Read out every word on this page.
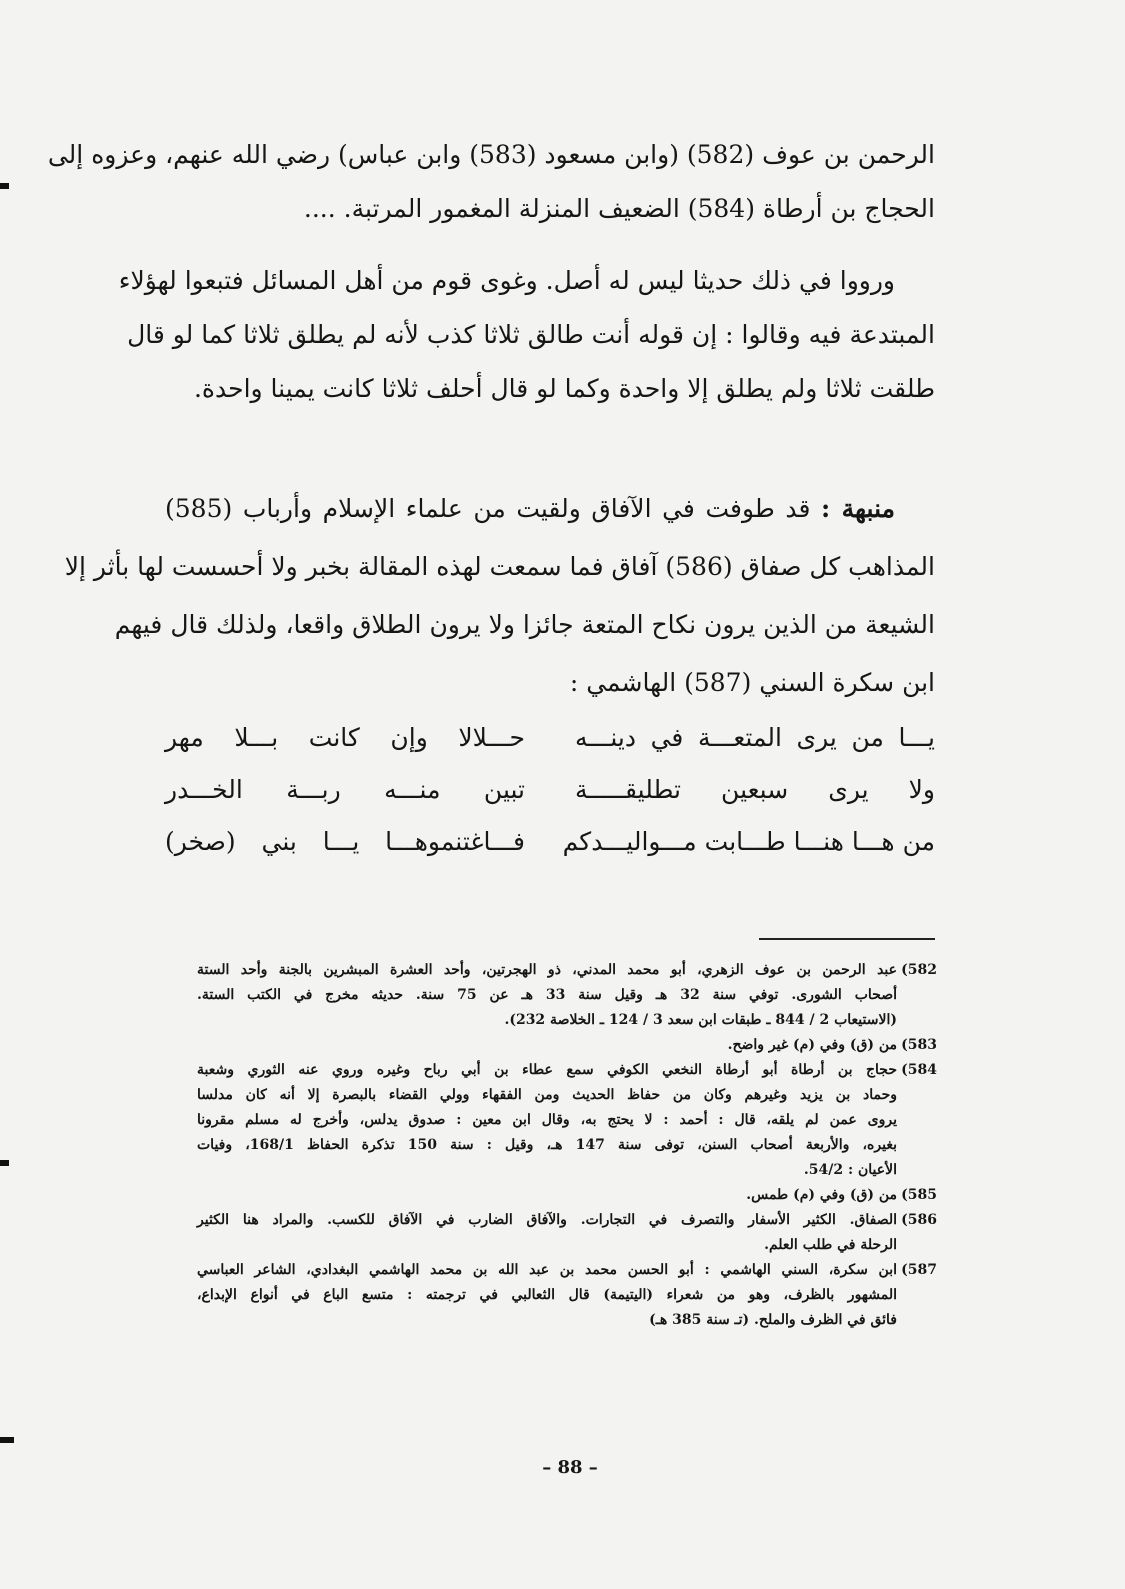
الرحمن بن عوف (582) (وابن مسعود (583) وابن عباس) رضي الله عنهم، وعزوه إلى
الحجاج بن أرطاة (584) الضعيف المنزلة المغمور المرتبة. ....
ورووا في ذلك حديثا ليس له أصل. وغوى قوم من أهل المسائل فتبعوا لهؤلاء
المبتدعة فيه وقالوا : إن قوله أنت طالق ثلاثا كذب لأنه لم يطلق ثلاثا كما لو قال
طلقت ثلاثا ولم يطلق إلا واحدة وكما لو قال أحلف ثلاثا كانت يمينا واحدة.
منبهة : قد طوفت في الآفاق ولقيت من علماء الإسلام وأرباب (585)
المذاهب كل صفاق (586) آفاق فما سمعت لهذه المقالة بخبر ولا أحسست لها بأثر إلا
الشيعة من الذين يرون نكاح المتعة جائزا ولا يرون الطلاق واقعا، ولذلك قال فيهم
ابن سكرة السني (587) الهاشمي :
يـــا من يرى المتعـــة في دينـــه
حـــلالا وإن كانت بـــلا مهر
ولا يرى سبعين تطليقـــــة
تبين منـــه ربـــة الخـــدر
من هـــا هنـــا طـــابت مـــواليـــدكم
فـــاغتنموهـــا يـــا بني (صخر)
582)
عبد الرحمن بن عوف الزهري، أبو محمد المدني، ذو الهجرتين، وأحد العشرة المبشرين بالجنة وأحد الستة
أصحاب الشورى. توفي سنة 32 هـ وقيل سنة 33 هـ عن 75 سنة. حديثه مخرج في الكتب الستة.
(الاستيعاب 2 / 844 ـ طبقات ابن سعد 3 / 124 ـ الخلاصة 232).
583)
من (ق) وفي (م) غير واضح.
584)
حجاج بن أرطاة أبو أرطاة النخعي الكوفي سمع عطاء بن أبي رباح وغيره وروي عنه الثوري وشعبة
وحماد بن يزيد وغيرهم وكان من حفاظ الحديث ومن الفقهاء وولي القضاء بالبصرة إلا أنه كان مدلسا
يروى عمن لم يلقه، قال : أحمد : لا يحتج به، وقال ابن معين : صدوق يدلس، وأخرج له مسلم مقرونا
بغيره، والأربعة أصحاب السنن، توفى سنة 147 هـ، وقيل : سنة 150 تذكرة الحفاظ 168/1، وفيات
الأعيان : 54/2.
585)
من (ق) وفي (م) طمس.
586)
الصفاق. الكثير الأسفار والتصرف في التجارات. والآفاق الضارب في الآفاق للكسب. والمراد هنا الكثير
الرحلة في طلب العلم.
587)
ابن سكرة، السني الهاشمي : أبو الحسن محمد بن عبد الله بن محمد الهاشمي البغدادي، الشاعر العباسي
المشهور بالظرف، وهو من شعراء (اليتيمة) قال الثعالبي في ترجمته : متسع الباع في أنواع الإبداع،
فائق في الظرف والملح. (تـ سنة 385 هـ)
– 88 –
